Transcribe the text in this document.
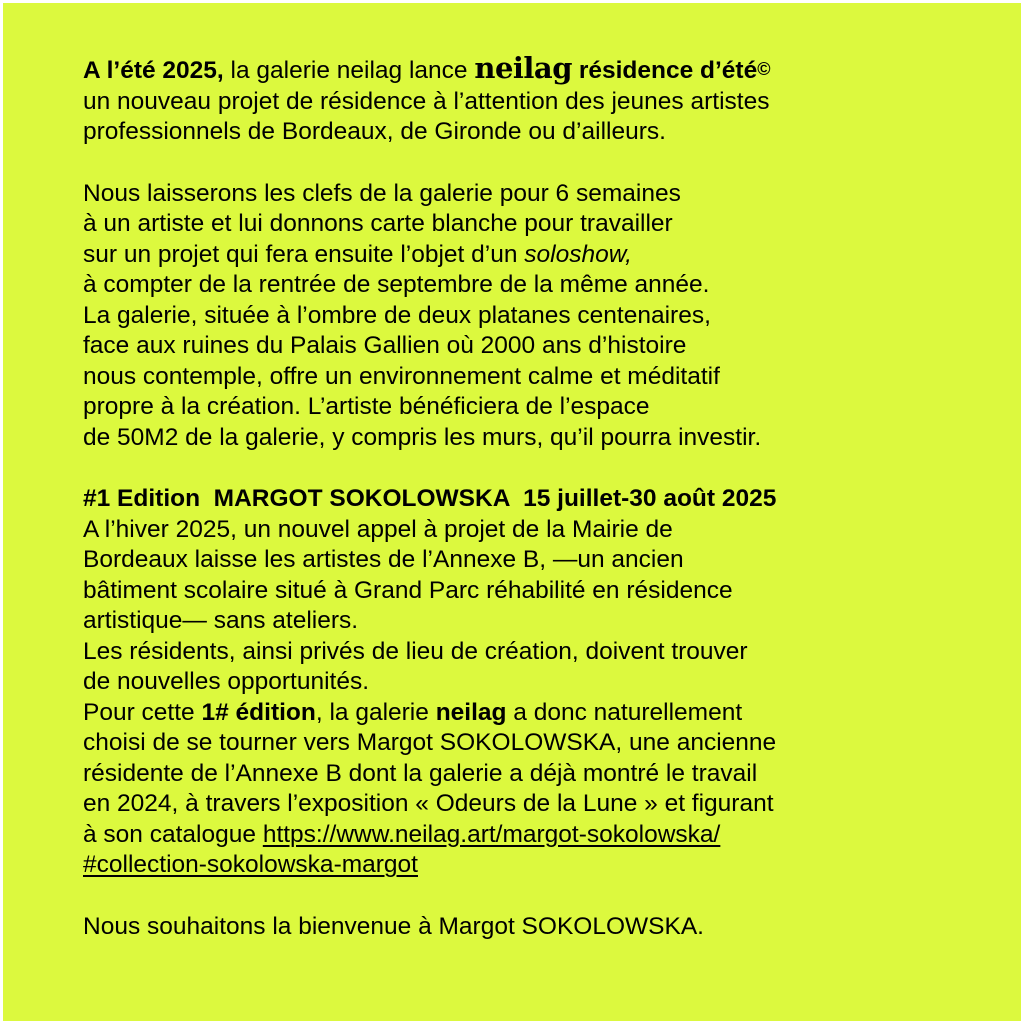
A l’été 2025, la galerie neilag lance neilag résidence d’été©
un nouveau projet de résidence à l’attention des jeunes artistes
professionnels de Bordeaux, de Gironde ou d’ailleurs.

Nous laisserons les clefs de la galerie pour 6 semaines
à un artiste et lui donnons carte blanche pour travailler
sur un projet qui fera ensuite l’objet d’un soloshow,
à compter de la rentrée de septembre de la même année.
La galerie, située à l’ombre de deux platanes centenaires,
face aux ruines du Palais Gallien où 2000 ans d’histoire
nous contemple, offre un environnement calme et méditatif
propre à la création. L’artiste bénéficiera de l’espace
de 50M2 de la galerie, y compris les murs, qu’il pourra investir.

#1 Edition  MARGOT SOKOLOWSKA  15 juillet-30 août 2025
A l’hiver 2025, un nouvel appel à projet de la Mairie de
Bordeaux laisse les artistes de l’Annexe B, —un ancien
bâtiment scolaire situé à Grand Parc réhabilité en résidence
artistique— sans ateliers.
Les résidents, ainsi privés de lieu de création, doivent trouver
de nouvelles opportunités.
Pour cette 1# édition, la galerie neilag a donc naturellement
choisi de se tourner vers Margot SOKOLOWSKA, une ancienne
résidente de l’Annexe B dont la galerie a déjà montré le travail
en 2024, à travers l’exposition « Odeurs de la Lune » et figurant
à son catalogue https://www.neilag.art/margot-sokolowska/
#collection-sokolowska-margot

Nous souhaitons la bienvenue à Margot SOKOLOWSKA.
